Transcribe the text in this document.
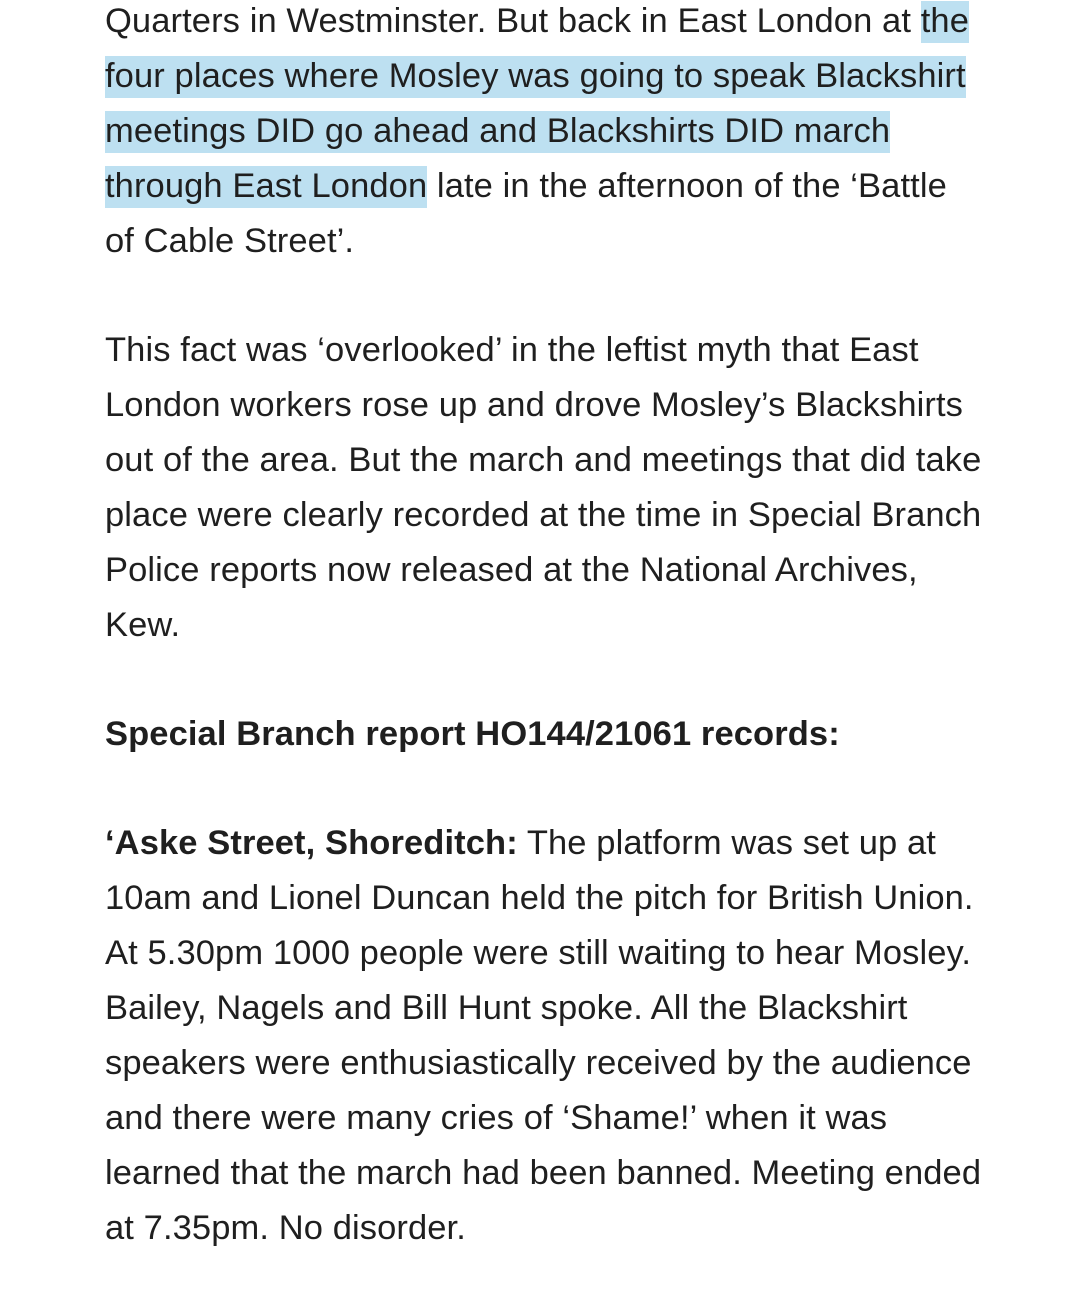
Quarters in Westminster. But back in East London at the four places where Mosley was going to speak Blackshirt meetings DID go ahead and Blackshirts DID march through East London late in the afternoon of the ‘Battle of Cable Street’.

This fact was ‘overlooked’ in the leftist myth that East London workers rose up and drove Mosley’s Blackshirts out of the area. But the march and meetings that did take place were clearly recorded at the time in Special Branch Police reports now released at the National Archives, Kew.

Special Branch report HO144/21061 records:

‘Aske Street, Shoreditch: The platform was set up at 10am and Lionel Duncan held the pitch for British Union. At 5.30pm 1000 people were still waiting to hear Mosley. Bailey, Nagels and Bill Hunt spoke. All the Blackshirt speakers were enthusiastically received by the audience and there were many cries of ‘Shame!’ when it was learned that the march had been banned. Meeting ended at 7.35pm. No disorder.
